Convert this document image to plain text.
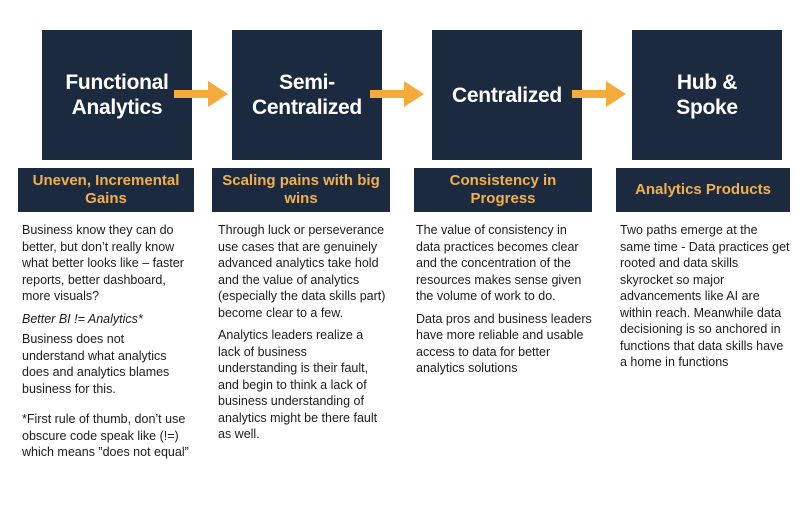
Functional
Analytics
Semi-
Centralized
Centralized
Hub &
Spoke
Uneven, Incremental Gains
Scaling pains with big wins
Consistency in Progress
Analytics Products

Business know they can do better, but don’t really know what better looks like – faster reports, better dashboard, more visuals?

Better BI != Analytics*

Business does not understand what analytics does and analytics blames business for this.

*First rule of thumb, don’t use obscure code speak like (!=) which means ”does not equal”

Through luck or perseverance use cases that are genuinely advanced analytics take hold and the value of analytics (especially the data skills part) become clear to a few.

Analytics leaders realize a lack of business understanding is their fault, and begin to think a lack of business understanding of analytics might be there fault as well.

The value of consistency in data practices becomes clear and the concentration of the resources makes sense given the volume of work to do.

Data pros and business leaders have more reliable and usable access to data for better analytics solutions

Two paths emerge at the same time - Data practices get rooted and data skills skyrocket so major advancements like AI are within reach. Meanwhile data decisioning is so anchored in functions that data skills have a home in functions
